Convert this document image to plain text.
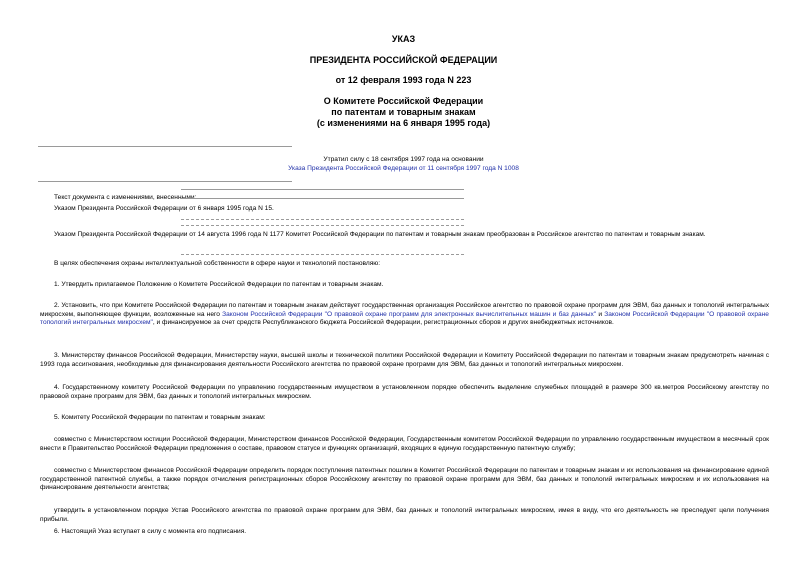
УКАЗ
ПРЕЗИДЕНТА РОССИЙСКОЙ ФЕДЕРАЦИИ
от 12 февраля 1993 года N 223
О Комитете Российской Федерации
по патентам и товарным знакам
(с изменениями на 6 января 1995 года)
Утратил силу с 18 сентября 1997 года на основании
Указа Президента Российской Федерации от 11 сентября 1997 года N 1008
Текст документа с изменениями, внесенными:
Указом Президента Российской Федерации от 6 января 1995 года N 15.
Указом Президента Российской Федерации от 14 августа 1996 года N 1177 Комитет Российской Федерации по патентам и товарным знакам преобразован в Российское агентство по патентам и товарным знакам.
В целях обеспечения охраны интеллектуальной собственности в сфере науки и технологий постановляю:
1. Утвердить прилагаемое Положение о Комитете Российской Федерации по патентам и товарным знакам.
2. Установить, что при Комитете Российской Федерации по патентам и товарным знакам действует государственная организация Российское агентство по правовой охране программ для ЭВМ, баз данных и топологий интегральных микросхем, выполняющее функции, возложенные на него Законом Российской Федерации "О правовой охране программ для электронных вычислительных машин и баз данных" и Законом Российской Федерации "О правовой охране топологий интегральных микросхем", и финансируемое за счет средств Республиканского бюджета Российской Федерации, регистрационных сборов и других внебюджетных источников.
3. Министерству финансов Российской Федерации, Министерству науки, высшей школы и технической политики Российской Федерации и Комитету Российской Федерации по патентам и товарным знакам предусмотреть начиная с 1993 года ассигнования, необходимые для финансирования деятельности Российского агентства по правовой охране программ для ЭВМ, баз данных и топологий интегральных микросхем.
4. Государственному комитету Российской Федерации по управлению государственным имуществом в установленном порядке обеспечить выделение служебных площадей в размере 300 кв.метров Российскому агентству по правовой охране программ для ЭВМ, баз данных и топологий интегральных микросхем.
5. Комитету Российской Федерации по патентам и товарным знакам:
совместно с Министерством юстиции Российской Федерации, Министерством финансов Российской Федерации, Государственным комитетом Российской Федерации по управлению государственным имуществом в месячный срок внести в Правительство Российской Федерации предложения о составе, правовом статусе и функциях организаций, входящих в единую государственную патентную службу;
совместно с Министерством финансов Российской Федерации определить порядок поступления патентных пошлин в Комитет Российской Федерации по патентам и товарным знакам и их использования на финансирование единой государственной патентной службы, а также порядок отчисления регистрационных сборов Российскому агентству по правовой охране программ для ЭВМ, баз данных и топологий интегральных микросхем и их использования на финансирование деятельности агентства;
утвердить в установленном порядке Устав Российского агентства по правовой охране программ для ЭВМ, баз данных и топологий интегральных микросхем, имея в виду, что его деятельность не преследует цели получения прибыли.
6. Настоящий Указ вступает в силу с момента его подписания.
